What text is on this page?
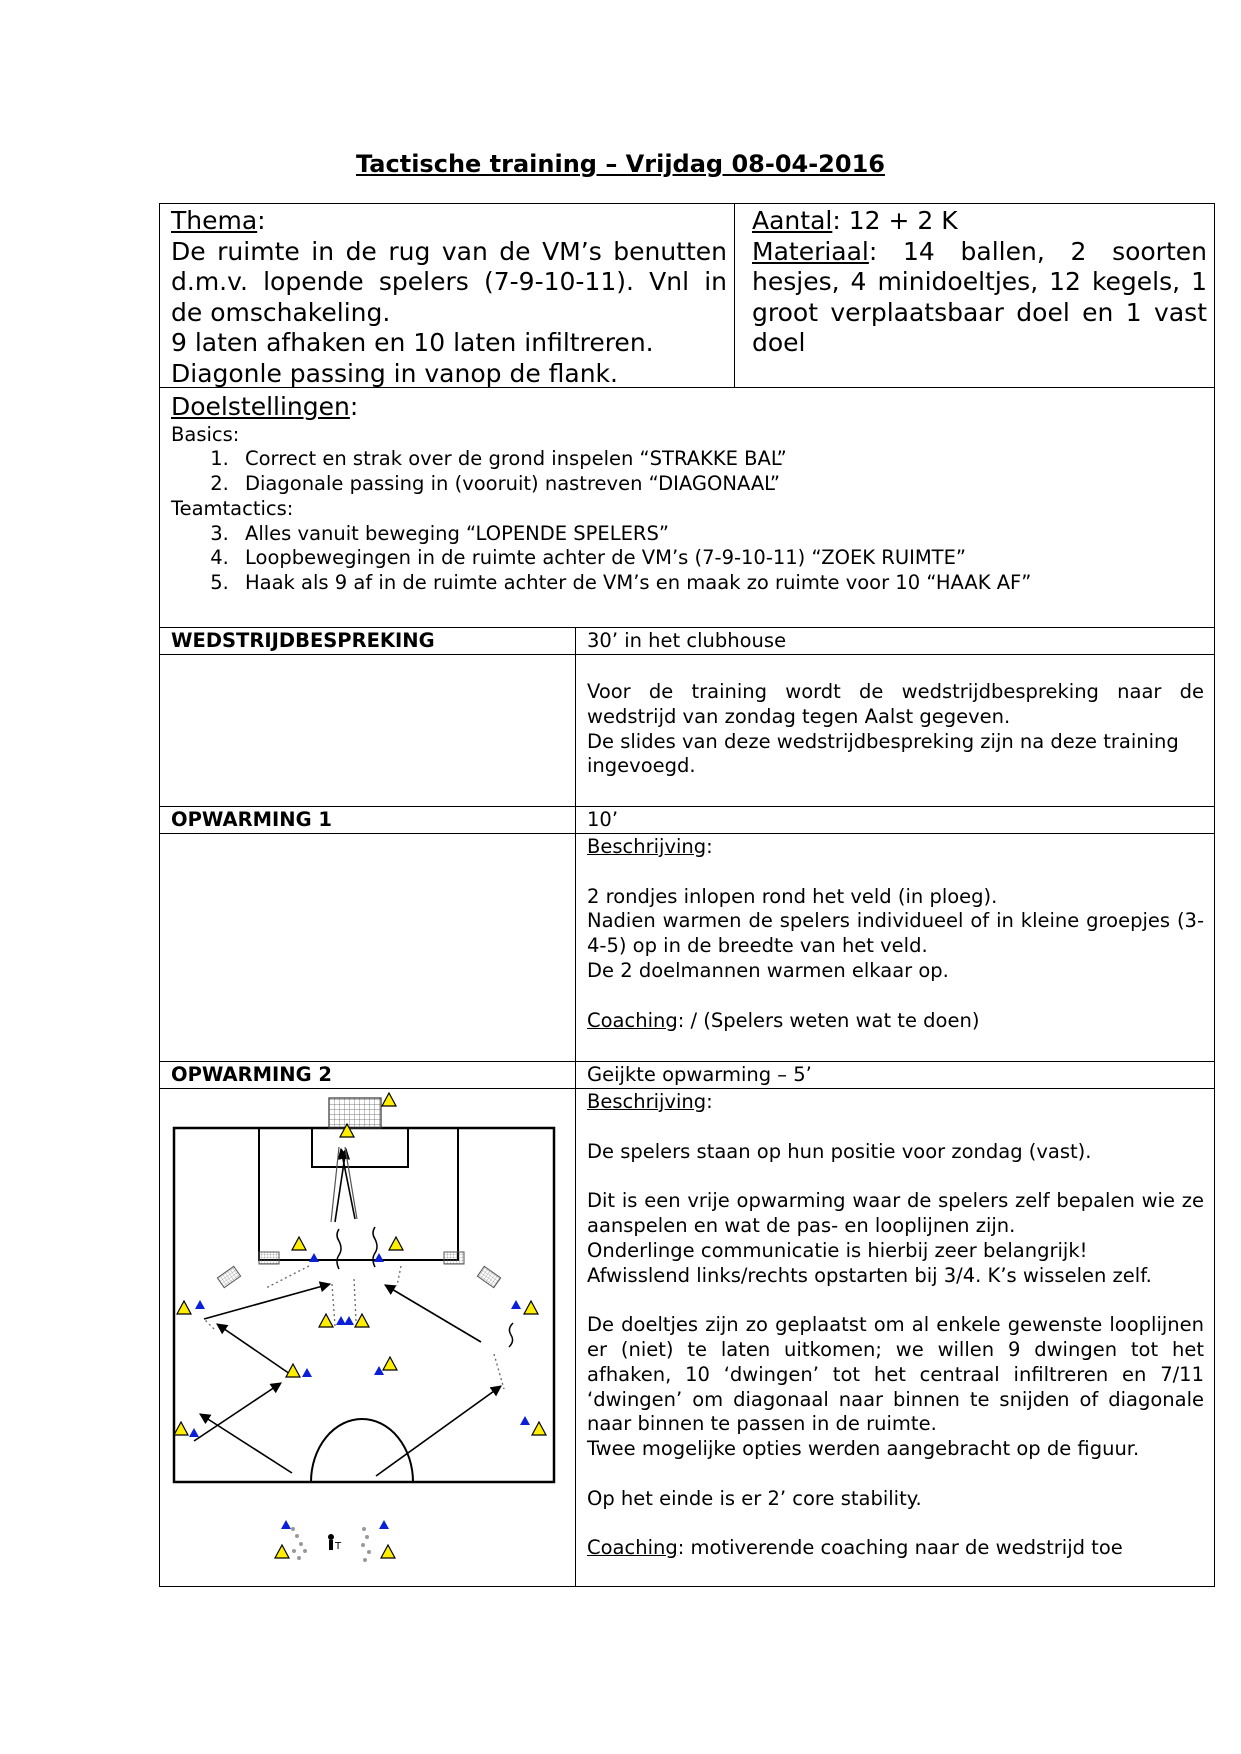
Tactische training – Vrijdag 08-04-2016
Thema:
De ruimte in de rug van de VM’s benutten d.m.v. lopende spelers (7-9-10-11). Vnl in de omschakeling.
9 laten afhaken en 10 laten infiltreren.
Diagonle passing in vanop de flank.
Aantal: 12 + 2 K
Materiaal: 14 ballen, 2 soorten hesjes, 4 minidoeltjes, 12 kegels, 1 groot verplaatsbaar doel en 1 vast doel
Doelstellingen:
Basics:
1. Correct en strak over de grond inspelen “STRAKKE BAL”
2. Diagonale passing in (vooruit) nastreven “DIAGONAAL”
Teamtactics:
3. Alles vanuit beweging “LOPENDE SPELERS”
4. Loopbewegingen in de ruimte achter de VM’s (7-9-10-11) “ZOEK RUIMTE”
5. Haak als 9 af in de ruimte achter de VM’s en maak zo ruimte voor 10 “HAAK AF”
WEDSTRIJDBESPREKING	30’ in het clubhouse

Voor de training wordt de wedstrijdbespreking naar de wedstrijd van zondag tegen Aalst gegeven.

De slides van deze wedstrijdbespreking zijn na deze training ingevoegd.

OPWARMING 1	10’
Beschrijving:

2 rondjes inlopen rond het veld (in ploeg).

Nadien warmen de spelers individueel of in kleine groepjes (3-4-5) op in de breedte van het veld.

De 2 doelmannen warmen elkaar op.

Coaching: / (Spelers weten wat te doen)
OPWARMING 2	Geijkte opwarming – 5’
Beschrijving:

De spelers staan op hun positie voor zondag (vast).

Dit is een vrije opwarming waar de spelers zelf bepalen wie ze aanspelen en wat de pas- en looplijnen zijn.

Onderlinge communicatie is hierbij zeer belangrijk!

Afwisslend links/rechts opstarten bij 3/4. K’s wisselen zelf.

De doeltjes zijn zo geplaatst om al enkele gewenste looplijnen er (niet) te laten uitkomen; we willen 9 dwingen tot het afhaken, 10 ‘dwingen’ tot het centraal infiltreren en 7/11 ‘dwingen’ om diagonaal naar binnen te snijden of diagonale naar binnen te passen in de ruimte.

Twee mogelijke opties werden aangebracht op de figuur.

Op het einde is er 2’ core stability.

Coaching: motiverende coaching naar de wedstrijd toe
T
